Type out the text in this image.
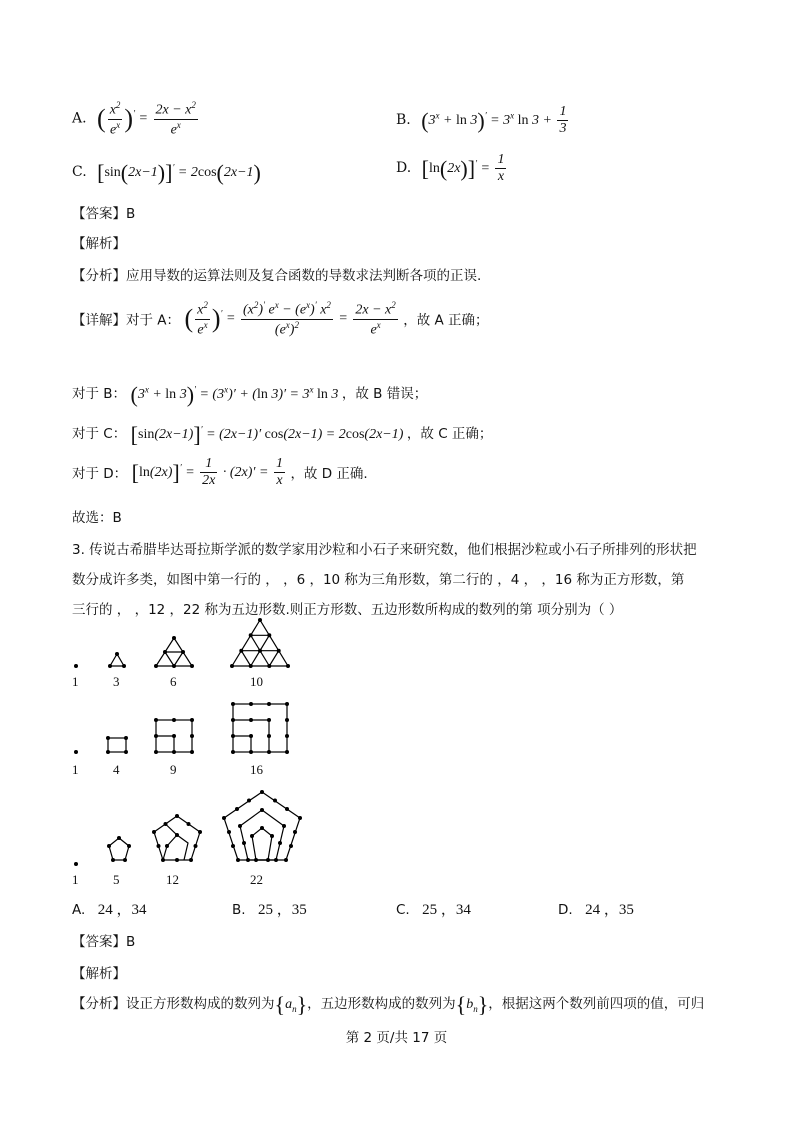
A. ( $\frac{x^2}{e^x} )' = \frac{2x - x^2}{e^x}$	B. $(3^x + \ln 3)' = 3^x$ $\ln 3 + \frac{1}{3}$
C. [sin(2x−1)]′ = 2cos(2x−1)	D. $[\ln(2x)]' = \frac{1}{x}$
【答案】B
【解析】
【分析】应用导数的运算法则及复合函数的导数求法判断各项的正误.
【详解】对于 A： ( $\frac{x^2}{e^x} )' = \frac{(x^2)' e^x - (e^x)' x^2}{(e^x)^2} = \frac{2x - x^2}{e^x}$ ，故 A 正确；
对于 B： $(3^x + \ln 3)' = (3^x)' + (\ln$ $3)' = 3^x$ ln 3 ，故 B 错误；
对于 C： [sin(2x−1)]′ = (2x−1)′ cos(2x−1) = 2cos(2x−1) ，故 C 正确；
对于 D： $[\ln(2x)]' = \frac{1}{2x} \cdot (2x)' = \frac{1}{x}$ ，故 D 正确.
故选：B
3. 传说古希腊毕达哥拉斯学派的数学家用沙粒和小石子来研究数，他们根据沙粒或小石子所排列的形状把
数分成许多类，如图中第一行的 ， ，6 ，10 称为三角形数，第二行的 ，4 ， ，16 称为正方形数，第
三行的 ， ，12 ，22 称为五边形数.则正方形数、五边形数所构成的数列的第 项分别为（ ）
1	3	6	10
1	4	9	16
1	5	12	22
A. 24 ，34	B. 25 ，35	C. 25 ，34	D. 24 ，35
【答案】B
【解析】
【分析】设正方形数构成的数列为$\{a_n\}$，五边形数构成的数列为$\{b_n\}$，根据这两个数列前四项的值，可归
第 2 页/共 17 页
